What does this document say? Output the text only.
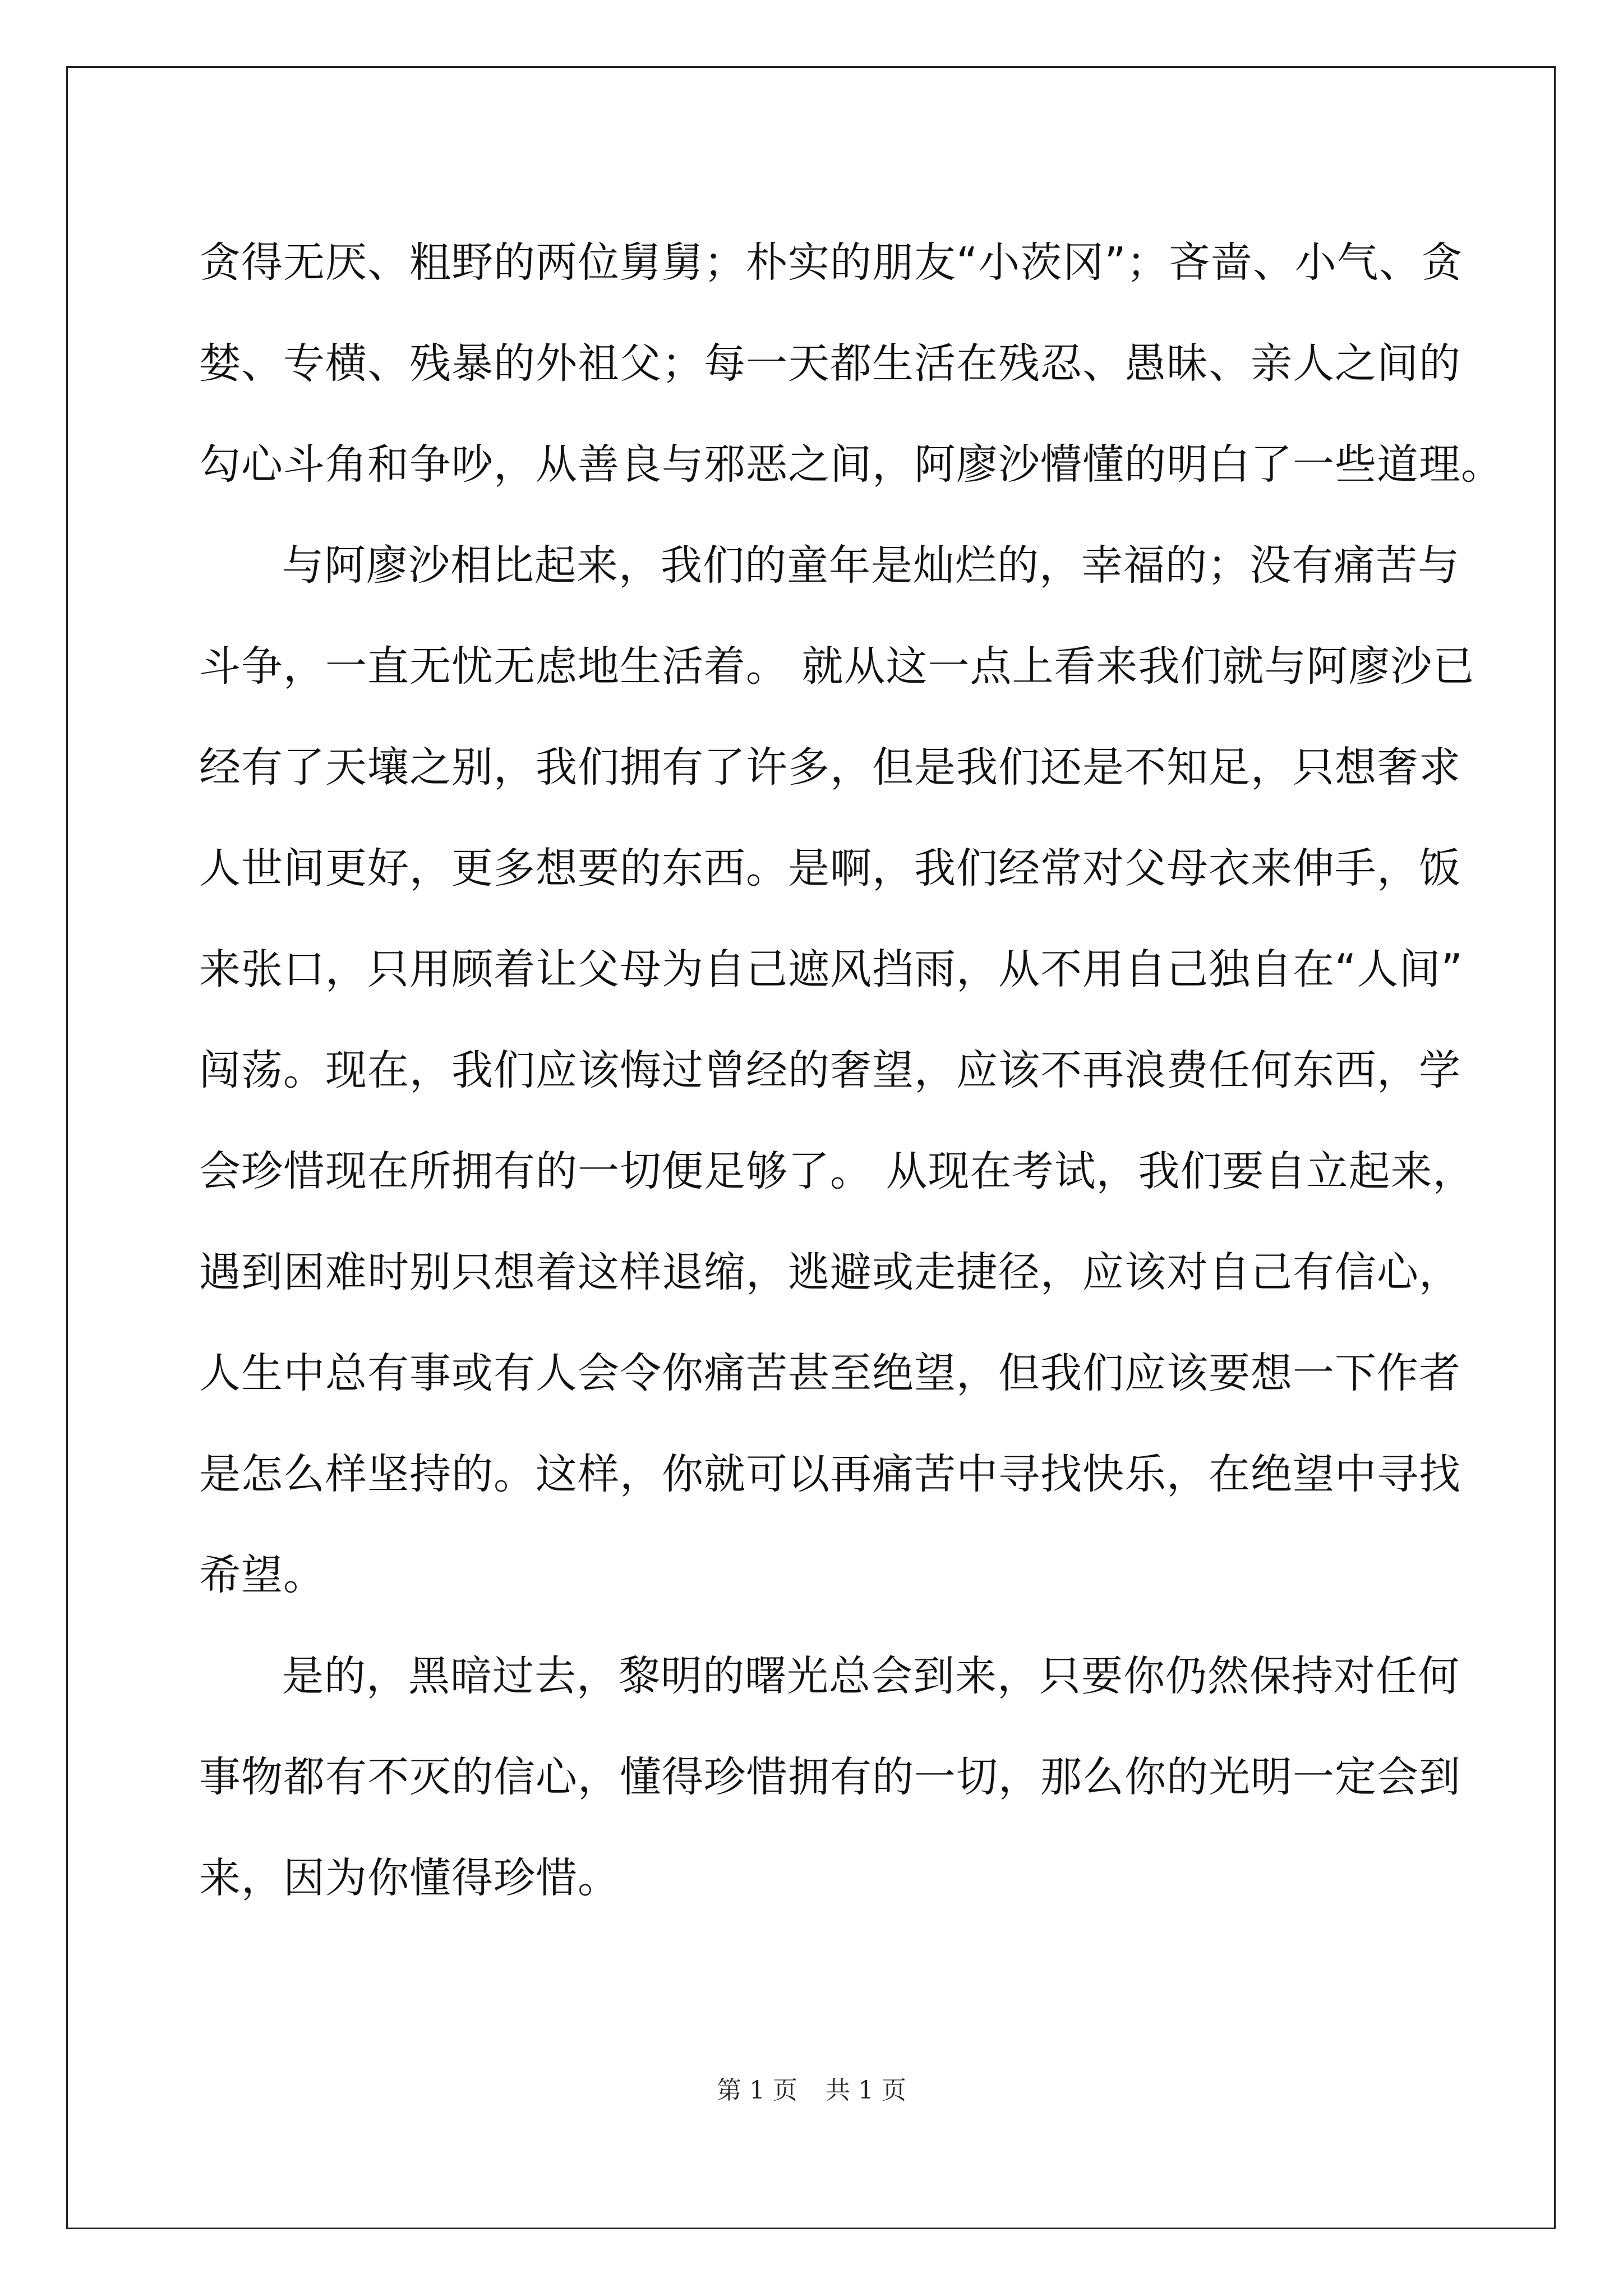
贪得无厌、粗野的两位舅舅；朴实的朋友“小茨冈”；吝啬、小气、贪
婪、专横、残暴的外祖父；每一天都生活在残忍、愚昧、亲人之间的
勾心斗角和争吵，从善良与邪恶之间，阿廖沙懵懂的明白了一些道理。
与阿廖沙相比起来，我们的童年是灿烂的，幸福的；没有痛苦与
斗争，一直无忧无虑地生活着。 就从这一点上看来我们就与阿廖沙已
经有了天壤之别，我们拥有了许多，但是我们还是不知足，只想奢求
人世间更好，更多想要的东西。是啊，我们经常对父母衣来伸手，饭
来张口，只用顾着让父母为自己遮风挡雨，从不用自己独自在“人间”
闯荡。现在，我们应该悔过曾经的奢望，应该不再浪费任何东西，学
会珍惜现在所拥有的一切便足够了。 从现在考试，我们要自立起来，
遇到困难时别只想着这样退缩，逃避或走捷径，应该对自己有信心，
人生中总有事或有人会令你痛苦甚至绝望，但我们应该要想一下作者
是怎么样坚持的。这样，你就可以再痛苦中寻找快乐，在绝望中寻找
希望。
是的，黑暗过去，黎明的曙光总会到来，只要你仍然保持对任何
事物都有不灭的信心，懂得珍惜拥有的一切，那么你的光明一定会到
来，因为你懂得珍惜。
第 1 页 共 1 页
